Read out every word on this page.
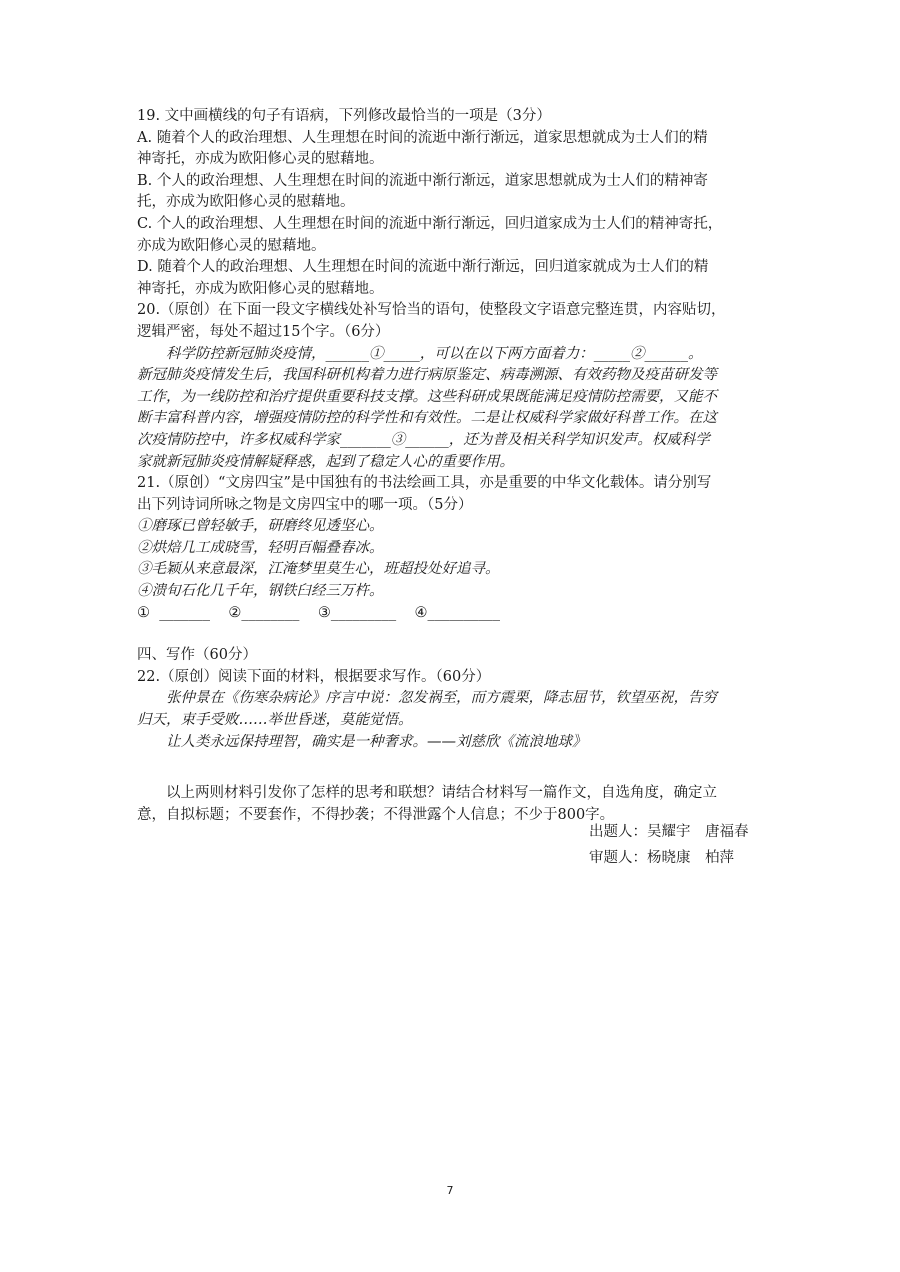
19. 文中画横线的句子有语病，下列修改最恰当的一项是（3分）

A. 随着个人的政治理想、人生理想在时间的流逝中渐行渐远，道家思想就成为士人们的精

神寄托，亦成为欧阳修心灵的慰藉地。

B. 个人的政治理想、人生理想在时间的流逝中渐行渐远，道家思想就成为士人们的精神寄

托，亦成为欧阳修心灵的慰藉地。

C. 个人的政治理想、人生理想在时间的流逝中渐行渐远，回归道家成为士人们的精神寄托，

亦成为欧阳修心灵的慰藉地。

D. 随着个人的政治理想、人生理想在时间的流逝中渐行渐远，回归道家就成为士人们的精

神寄托，亦成为欧阳修心灵的慰藉地。

20.（原创）在下面一段文字横线处补写恰当的语句，使整段文字语意完整连贯，内容贴切，

逻辑严密，每处不超过15个字。（6分）

科学防控新冠肺炎疫情，______①_____，可以在以下两方面着力：_____②______。

新冠肺炎疫情发生后，我国科研机构着力进行病原鉴定、病毒溯源、有效药物及疫苗研发等

工作，为一线防控和治疗提供重要科技支撑。这些科研成果既能满足疫情防控需要，又能不

断丰富科普内容，增强疫情防控的科学性和有效性。二是让权威科学家做好科普工作。在这

次疫情防控中，许多权威科学家_______③______，还为普及相关科学知识发声。权威科学

家就新冠肺炎疫情解疑释惑，起到了稳定人心的重要作用。

21.（原创）“文房四宝”是中国独有的书法绘画工具，亦是重要的中华文化载体。请分别写

出下列诗词所咏之物是文房四宝中的哪一项。（5分）

①磨琢已曾轻敏手，研磨终见透坚心。

②烘焙几工成晓雪，轻明百幅叠春冰。

③毛颖从来意最深，江淹梦里莫生心，班超投处好追寻。

④溃旬石化几千年，钢铁臼经三万杵。

①  _______    ②________    ③_________    ④__________

四、写作（60分）

22.（原创）阅读下面的材料，根据要求写作。（60分）

张仲景在《伤寒杂病论》序言中说：忽发祸至，而方震栗，降志屈节，钦望巫祝，告穷

归天，束手受败……举世昏迷，莫能觉悟。

让人类永远保持理智，确实是一种奢求。——刘慈欣《流浪地球》

以上两则材料引发你了怎样的思考和联想？请结合材料写一篇作文，自选角度，确定立

意，自拟标题；不要套作，不得抄袭；不得泄露个人信息；不少于800字。

出题人：吴耀宇　唐福春

审题人：杨晓康　柏萍

7
